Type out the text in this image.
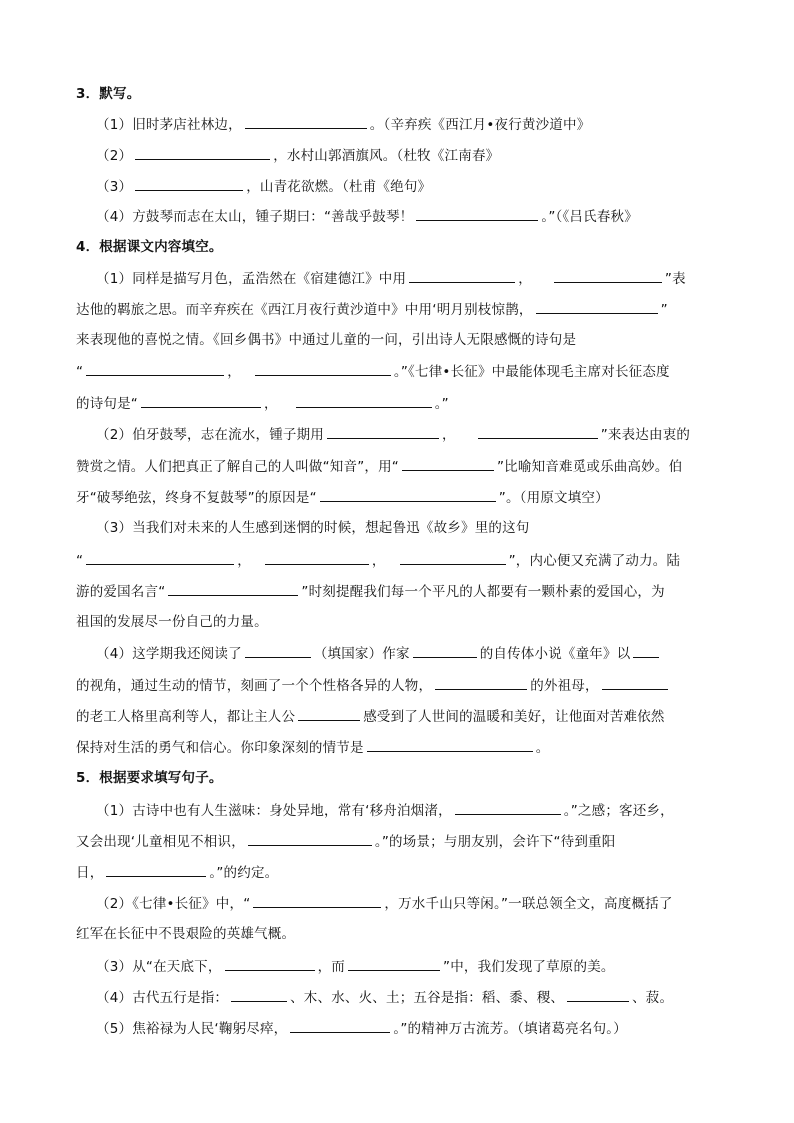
3．默写。
（1）旧时茅店社林边，	。（辛弃疾《西江月•夜行黄沙道中》
（2）	，水村山郭酒旗风。（杜牧《江南春》
（3）	，山青花欲燃。（杜甫《绝句》
（4）方鼓琴而志在太山，锺子期曰：“善哉乎鼓琴！	。”（《吕氏春秋》
4．根据课文内容填空。
（1）同样是描写月色，孟浩然在《宿建德江》中用	，	”表
达他的羁旅之思。而辛弃疾在《西江月夜行黄沙道中》中用‘明月别枝惊鹊，	”
来表现他的喜悦之情。《回乡偶书》中通过儿童的一问，引出诗人无限感慨的诗句是
“	，	。”《七律•长征》中最能体现毛主席对长征态度
的诗句是“	，	。”
（2）伯牙鼓琴，志在流水，锺子期用	，	”来表达由衷的
赞赏之情。人们把真正了解自己的人叫做“知音”，用“	”比喻知音难觅或乐曲高妙。伯
牙“破琴绝弦，终身不复鼓琴”的原因是“	”。（用原文填空）
（3）当我们对未来的人生感到迷惘的时候，想起鲁迅《故乡》里的这句
“	，	，	”，内心便又充满了动力。陆
游的爱国名言“	”时刻提醒我们每一个平凡的人都要有一颗朴素的爱国心，为
祖国的发展尽一份自己的力量。
（4）这学期我还阅读了	（填国家）作家	的自传体小说《童年》以
的视角，通过生动的情节，刻画了一个个性格各异的人物，	的外祖母，
的老工人格里高利等人，都让主人公	感受到了人世间的温暖和美好，让他面对苦难依然
保持对生活的勇气和信心。你印象深刻的情节是	。
5．根据要求填写句子。
（1）古诗中也有人生滋味：身处异地，常有‘移舟泊烟渚，	。”之感；客还乡，
又会出现‘儿童相见不相识，	。”的场景；与朋友别，会许下“待到重阳
日，	。”的约定。
（2）《七律•长征》中，“	，万水千山只等闲。”一联总领全文，高度概括了
红军在长征中不畏艰险的英雄气概。
（3）从“在天底下，	，而	”中，我们发现了草原的美。
（4）古代五行是指：	、木、水、火、土；五谷是指：稻、黍、稷、	、菽。
（5）焦裕禄为人民‘鞠躬尽瘁，	。”的精神万古流芳。（填诸葛亮名句。）
